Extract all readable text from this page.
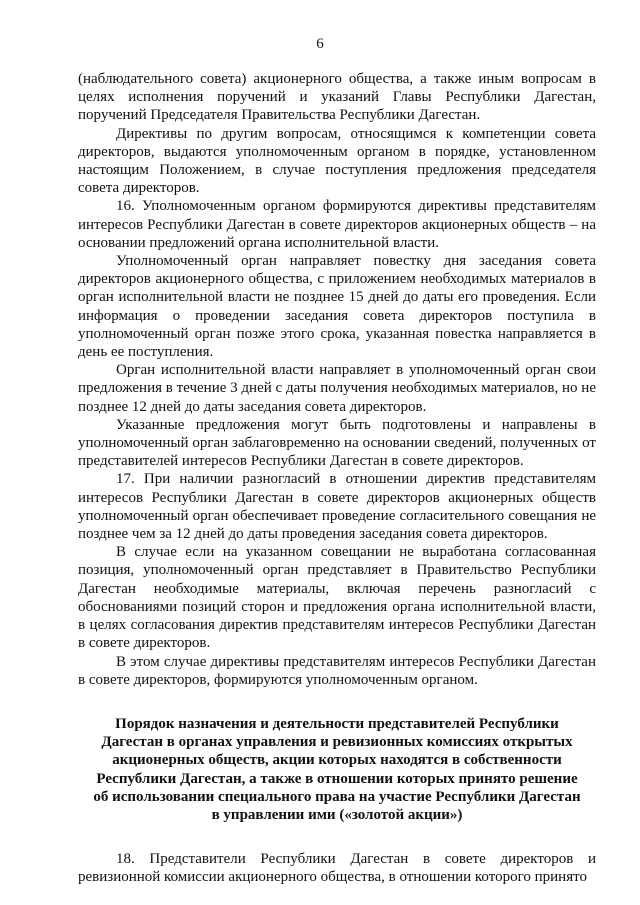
6

(наблюдательного совета) акционерного общества, а также иным вопросам в целях исполнения поручений и указаний Главы Республики Дагестан, поручений Председателя Правительства Республики Дагестан.

Директивы по другим вопросам, относящимся к компетенции совета директоров, выдаются уполномоченным органом в порядке, установленном настоящим Положением, в случае поступления предложения председателя совета директоров.

16. Уполномоченным органом формируются директивы представителям интересов Республики Дагестан в совете директоров акционерных обществ – на основании предложений органа исполнительной власти.

Уполномоченный орган направляет повестку дня заседания совета директоров акционерного общества, с приложением необходимых материалов в орган исполнительной власти не позднее 15 дней до даты его проведения. Если информация о проведении заседания совета директоров поступила в уполномоченный орган позже этого срока, указанная повестка направляется в день ее поступления.

Орган исполнительной власти направляет в уполномоченный орган свои предложения в течение 3 дней с даты получения необходимых материалов, но не позднее 12 дней до даты заседания совета директоров.

Указанные предложения могут быть подготовлены и направлены в уполномоченный орган заблаговременно на основании сведений, полученных от представителей интересов Республики Дагестан в совете директоров.

17. При наличии разногласий в отношении директив представителям интересов Республики Дагестан в совете директоров акционерных обществ уполномоченный орган обеспечивает проведение согласительного совещания не позднее чем за 12 дней до даты проведения заседания совета директоров.

В случае если на указанном совещании не выработана согласованная позиция, уполномоченный орган представляет в Правительство Республики Дагестан необходимые материалы, включая перечень разногласий с обоснованиями позиций сторон и предложения органа исполнительной власти, в целях согласования директив представителям интересов Республики Дагестан в совете директоров.

В этом случае директивы представителям интересов Республики Дагестан в совете директоров, формируются уполномоченным органом.

Порядок назначения и деятельности представителей Республики
Дагестан в органах управления и ревизионных комиссиях открытых
акционерных обществ, акции которых находятся в собственности
Республики Дагестан, а также в отношении которых принято решение
об использовании специального права на участие Республики Дагестан
в управлении ими («золотой акции»)

18. Представители Республики Дагестан в совете директоров и ревизионной комиссии акционерного общества, в отношении которого принято
